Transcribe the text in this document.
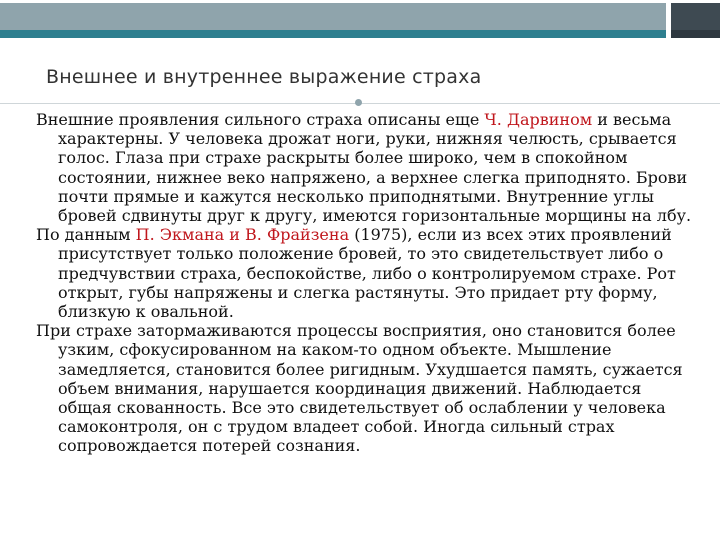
Внешнее и внутреннее выражение страха

Внешние проявления сильного страха описаны еще Ч. Дарвином и весьма характерны. У человека дрожат ноги, руки, нижняя челюсть, срывается голос. Глаза при страхе раскрыты более широко, чем в спокойном состоянии, нижнее веко напряжено, а верхнее слегка приподнято. Брови почти прямые и кажутся несколько приподнятыми. Внутренние углы бровей сдвинуты друг к другу, имеются горизонтальные морщины на лбу.

По данным П. Экмана и В. Фрайзена (1975), если из всех этих проявлений присутствует только положение бровей, то это свидетельствует либо о предчувствии страха, беспокойстве, либо о контролируемом страхе. Рот открыт, губы напряжены и слегка растянуты. Это придает рту форму, близкую к овальной.

При страхе затормаживаются процессы восприятия, оно становится более узким, сфокусированном на каком-то одном объекте. Мышление замедляется, становится более ригидным. Ухудшается память, сужается объем внимания, нарушается координация движений. Наблюдается общая скованность. Все это свидетельствует об ослаблении у человека самоконтроля, он с трудом владеет собой. Иногда сильный страх сопровождается потерей сознания.
